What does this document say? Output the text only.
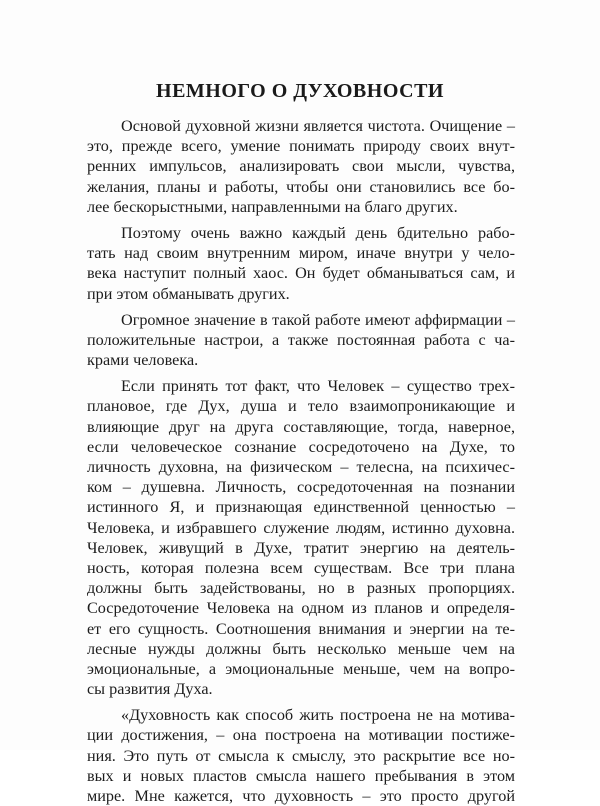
НЕМНОГО О ДУХОВНОСТИ
Основой духовной жизни является чистота. Очищение –
это, прежде всего, умение понимать природу своих внут-
ренних импульсов, анализировать свои мысли, чувства,
желания, планы и работы, чтобы они становились все бо-
лее бескорыстными, направленными на благо других.
Поэтому очень важно каждый день бдительно рабо-
тать над своим внутренним миром, иначе внутри у чело-
века наступит полный хаос. Он будет обманываться сам, и
при этом обманывать других.
Огромное значение в такой работе имеют аффирмации –
положительные настрои, а также постоянная работа с ча-
крами человека.
Если принять тот факт, что Человек – существо трех-
плановое, где Дух, душа и тело взаимопроникающие и
влияющие друг на друга составляющие, тогда, наверное,
если человеческое сознание сосредоточено на Духе, то
личность духовна, на физическом – телесна, на психичес-
ком – душевна. Личность, сосредоточенная на познании
истинного Я, и признающая единственной ценностью –
Человека, и избравшего служение людям, истинно духовна.
Человек, живущий в Духе, тратит энергию на деятель-
ность, которая полезна всем существам. Все три плана
должны быть задействованы, но в разных пропорциях.
Сосредоточение Человека на одном из планов и определя-
ет его сущность. Соотношения внимания и энергии на те-
лесные нужды должны быть несколько меньше чем на
эмоциональные, а эмоциональные меньше, чем на вопро-
сы развития Духа.
«Духовность как способ жить построена не на мотива-
ции достижения, – она построена на мотивации постиже-
ния. Это путь от смысла к смыслу, это раскрытие все но-
вых и новых пластов смысла нашего пребывания в этом
мире. Мне кажется, что духовность – это просто другой
